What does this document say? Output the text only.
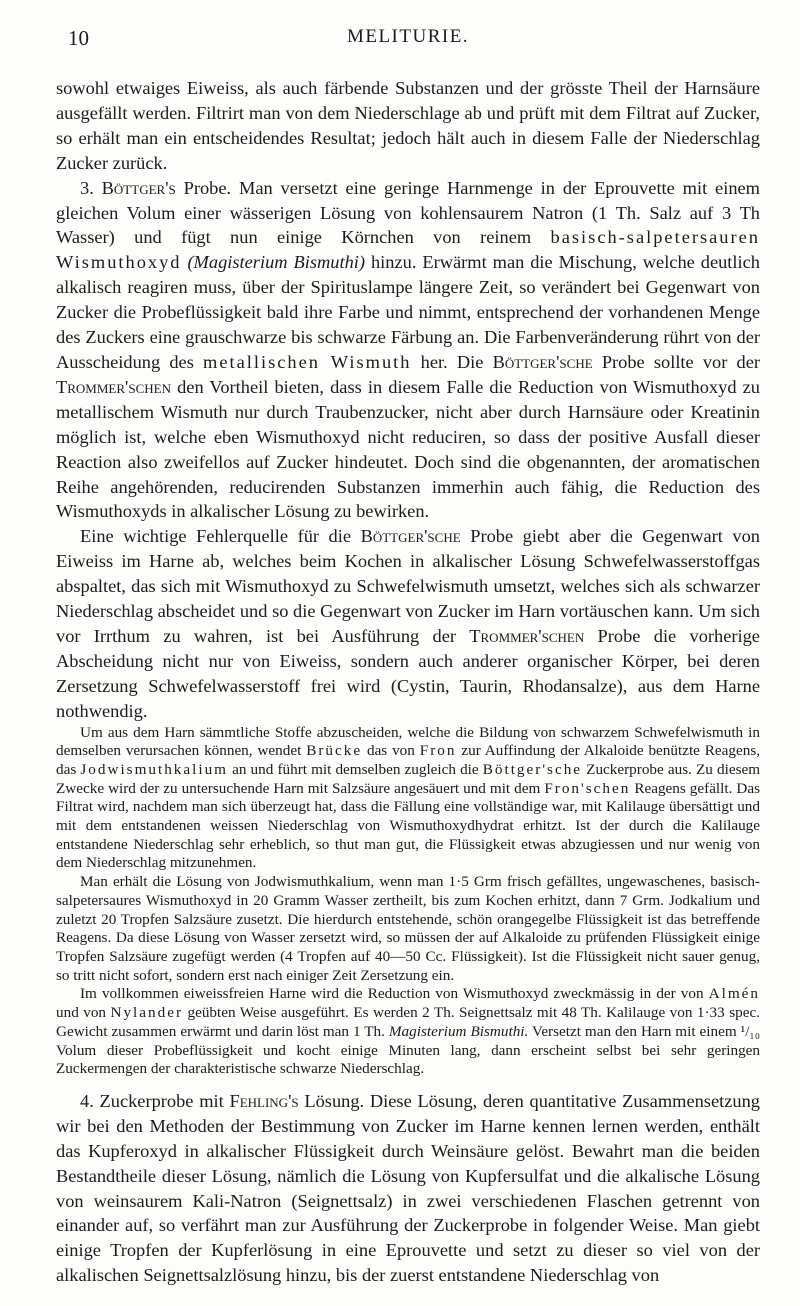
10	MELITURIE.

sowohl etwaiges Eiweiss, als auch färbende Substanzen und der grösste Theil der Harnsäure ausgefällt werden. Filtrirt man von dem Niederschlage ab und prüft mit dem Filtrat auf Zucker, so erhält man ein entscheidendes Resultat; jedoch hält auch in diesem Falle der Niederschlag Zucker zurück.

3. Böttger's Probe. Man versetzt eine geringe Harnmenge in der Eprouvette mit einem gleichen Volum einer wässerigen Lösung von kohlensaurem Natron (1 Th. Salz auf 3 Th Wasser) und fügt nun einige Körnchen von reinem basisch-salpetersauren Wismuthoxyd (Magisterium Bismuthi) hinzu. Erwärmt man die Mischung, welche deutlich alkalisch reagiren muss, über der Spirituslampe längere Zeit, so verändert bei Gegenwart von Zucker die Probeflüssigkeit bald ihre Farbe und nimmt, entsprechend der vorhandenen Menge des Zuckers eine grauschwarze bis schwarze Färbung an. Die Farbenveränderung rührt von der Ausscheidung des metallischen Wismuth her. Die Böttger'sche Probe sollte vor der Trommer'schen den Vortheil bieten, dass in diesem Falle die Reduction von Wismuthoxyd zu metallischem Wismuth nur durch Traubenzucker, nicht aber durch Harnsäure oder Kreatinin möglich ist, welche eben Wismuthoxyd nicht reduciren, so dass der positive Ausfall dieser Reaction also zweifellos auf Zucker hindeutet. Doch sind die obgenannten, der aromatischen Reihe angehörenden, reducirenden Substanzen immerhin auch fähig, die Reduction des Wismuthoxyds in alkalischer Lösung zu bewirken.

Eine wichtige Fehlerquelle für die Böttger'sche Probe giebt aber die Gegenwart von Eiweiss im Harne ab, welches beim Kochen in alkalischer Lösung Schwefelwasserstoffgas abspaltet, das sich mit Wismuthoxyd zu Schwefelwismuth umsetzt, welches sich als schwarzer Niederschlag abscheidet und so die Gegenwart von Zucker im Harn vortäuschen kann. Um sich vor Irrthum zu wahren, ist bei Ausführung der Trommer'schen Probe die vorherige Abscheidung nicht nur von Eiweiss, sondern auch anderer organischer Körper, bei deren Zersetzung Schwefelwasserstoff frei wird (Cystin, Taurin, Rhodansalze), aus dem Harne nothwendig.

Um aus dem Harn sämmtliche Stoffe abzuscheiden, welche die Bildung von schwarzem Schwefelwismuth in demselben verursachen können, wendet Brücke das von Fron zur Auffindung der Alkaloide benützte Reagens, das Jodwismuthkalium an und führt mit demselben zugleich die Böttger'sche Zuckerprobe aus. Zu diesem Zwecke wird der zu untersuchende Harn mit Salzsäure angesäuert und mit dem Fron'schen Reagens gefällt. Das Filtrat wird, nachdem man sich überzeugt hat, dass die Fällung eine vollständige war, mit Kalilauge übersättigt und mit dem entstandenen weissen Niederschlag von Wismuthoxydhydrat erhitzt. Ist der durch die Kalilauge entstandene Niederschlag sehr erheblich, so thut man gut, die Flüssigkeit etwas abzugiessen und nur wenig von dem Niederschlag mitzunehmen.

Man erhält die Lösung von Jodwismuthkalium, wenn man 1·5 Grm frisch gefälltes, ungewaschenes, basisch-salpetersaures Wismuthoxyd in 20 Gramm Wasser zertheilt, bis zum Kochen erhitzt, dann 7 Grm. Jodkalium und zuletzt 20 Tropfen Salzsäure zusetzt. Die hierdurch entstehende, schön orangegelbe Flüssigkeit ist das betreffende Reagens. Da diese Lösung von Wasser zersetzt wird, so müssen der auf Alkaloide zu prüfenden Flüssigkeit einige Tropfen Salzsäure zugefügt werden (4 Tropfen auf 40—50 Cc. Flüssigkeit). Ist die Flüssigkeit nicht sauer genug, so tritt nicht sofort, sondern erst nach einiger Zeit Zersetzung ein.

Im vollkommen eiweissfreien Harne wird die Reduction von Wismuthoxyd zweckmässig in der von Almén und von Nylander geübten Weise ausgeführt. Es werden 2 Th. Seignettsalz mit 48 Th. Kalilauge von 1·33 spec. Gewicht zusammen erwärmt und darin löst man 1 Th. Magisterium Bismuthi. Versetzt man den Harn mit einem ¹/₁₀ Volum dieser Probeflüssigkeit und kocht einige Minuten lang, dann erscheint selbst bei sehr geringen Zuckermengen der charakteristische schwarze Niederschlag.

4. Zuckerprobe mit Fehling's Lösung. Diese Lösung, deren quantitative Zusammensetzung wir bei den Methoden der Bestimmung von Zucker im Harne kennen lernen werden, enthält das Kupferoxyd in alkalischer Flüssigkeit durch Weinsäure gelöst. Bewahrt man die beiden Bestandtheile dieser Lösung, nämlich die Lösung von Kupfersulfat und die alkalische Lösung von weinsaurem Kali-Natron (Seignettsalz) in zwei verschiedenen Flaschen getrennt von einander auf, so verfährt man zur Ausführung der Zuckerprobe in folgender Weise. Man giebt einige Tropfen der Kupferlösung in eine Eprouvette und setzt zu dieser so viel von der alkalischen Seignettsalzlösung hinzu, bis der zuerst entstandene Niederschlag von
